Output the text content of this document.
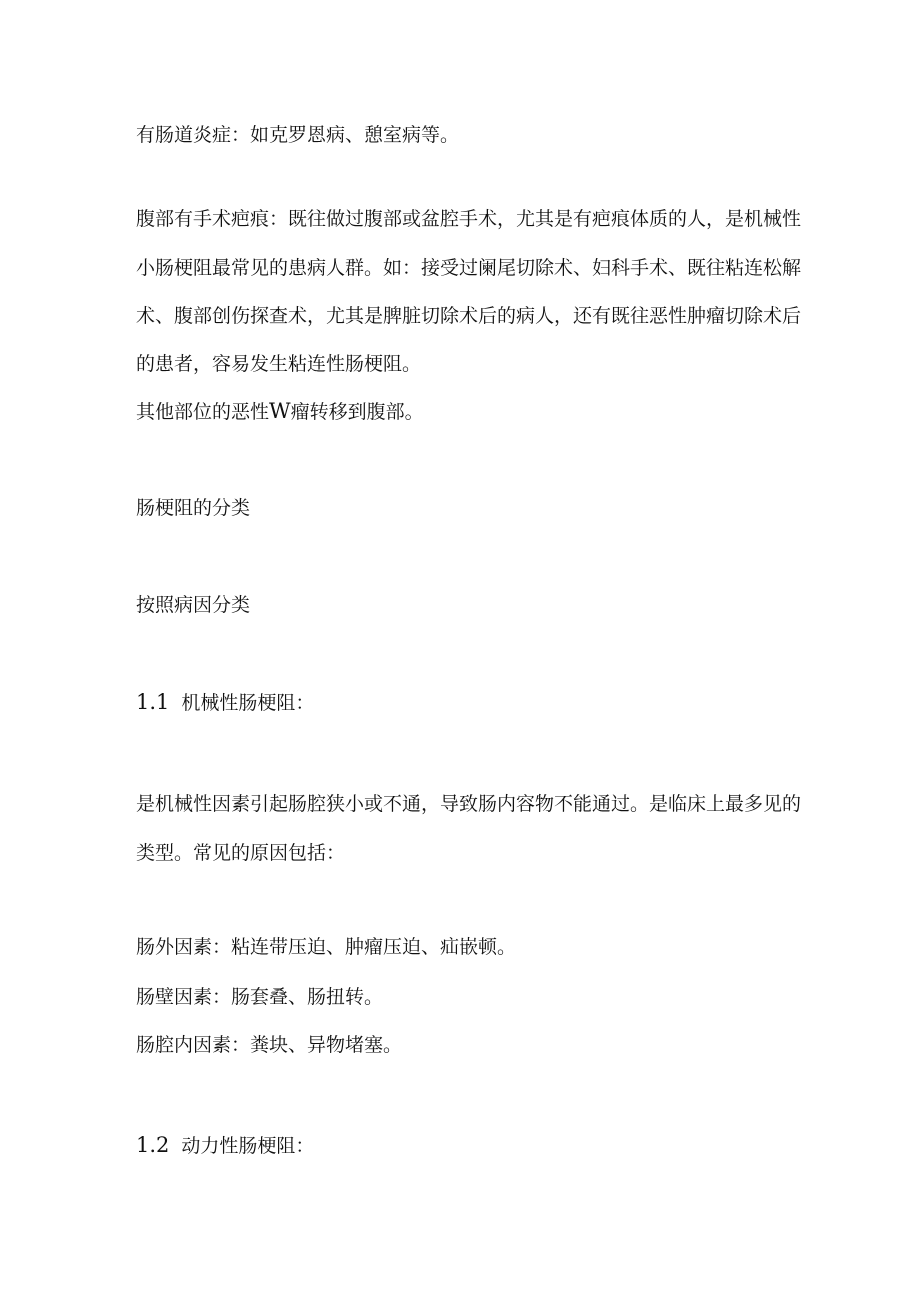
有肠道炎症：如克罗恩病、憩室病等。

腹部有手术疤痕：既往做过腹部或盆腔手术，尤其是有疤痕体质的人，是机械性

小肠梗阻最常见的患病人群。如：接受过阑尾切除术、妇科手术、既往粘连松解

术、腹部创伤探查术，尤其是脾脏切除术后的病人，还有既往恶性肿瘤切除术后

的患者，容易发生粘连性肠梗阻。

其他部位的恶性W瘤转移到腹部。

肠梗阻的分类

按照病因分类

1.1 机械性肠梗阻：

是机械性因素引起肠腔狭小或不通，导致肠内容物不能通过。是临床上最多见的

类型。常见的原因包括：

肠外因素：粘连带压迫、肿瘤压迫、疝嵌顿。

肠壁因素：肠套叠、肠扭转。

肠腔内因素：粪块、异物堵塞。

1.2 动力性肠梗阻：
